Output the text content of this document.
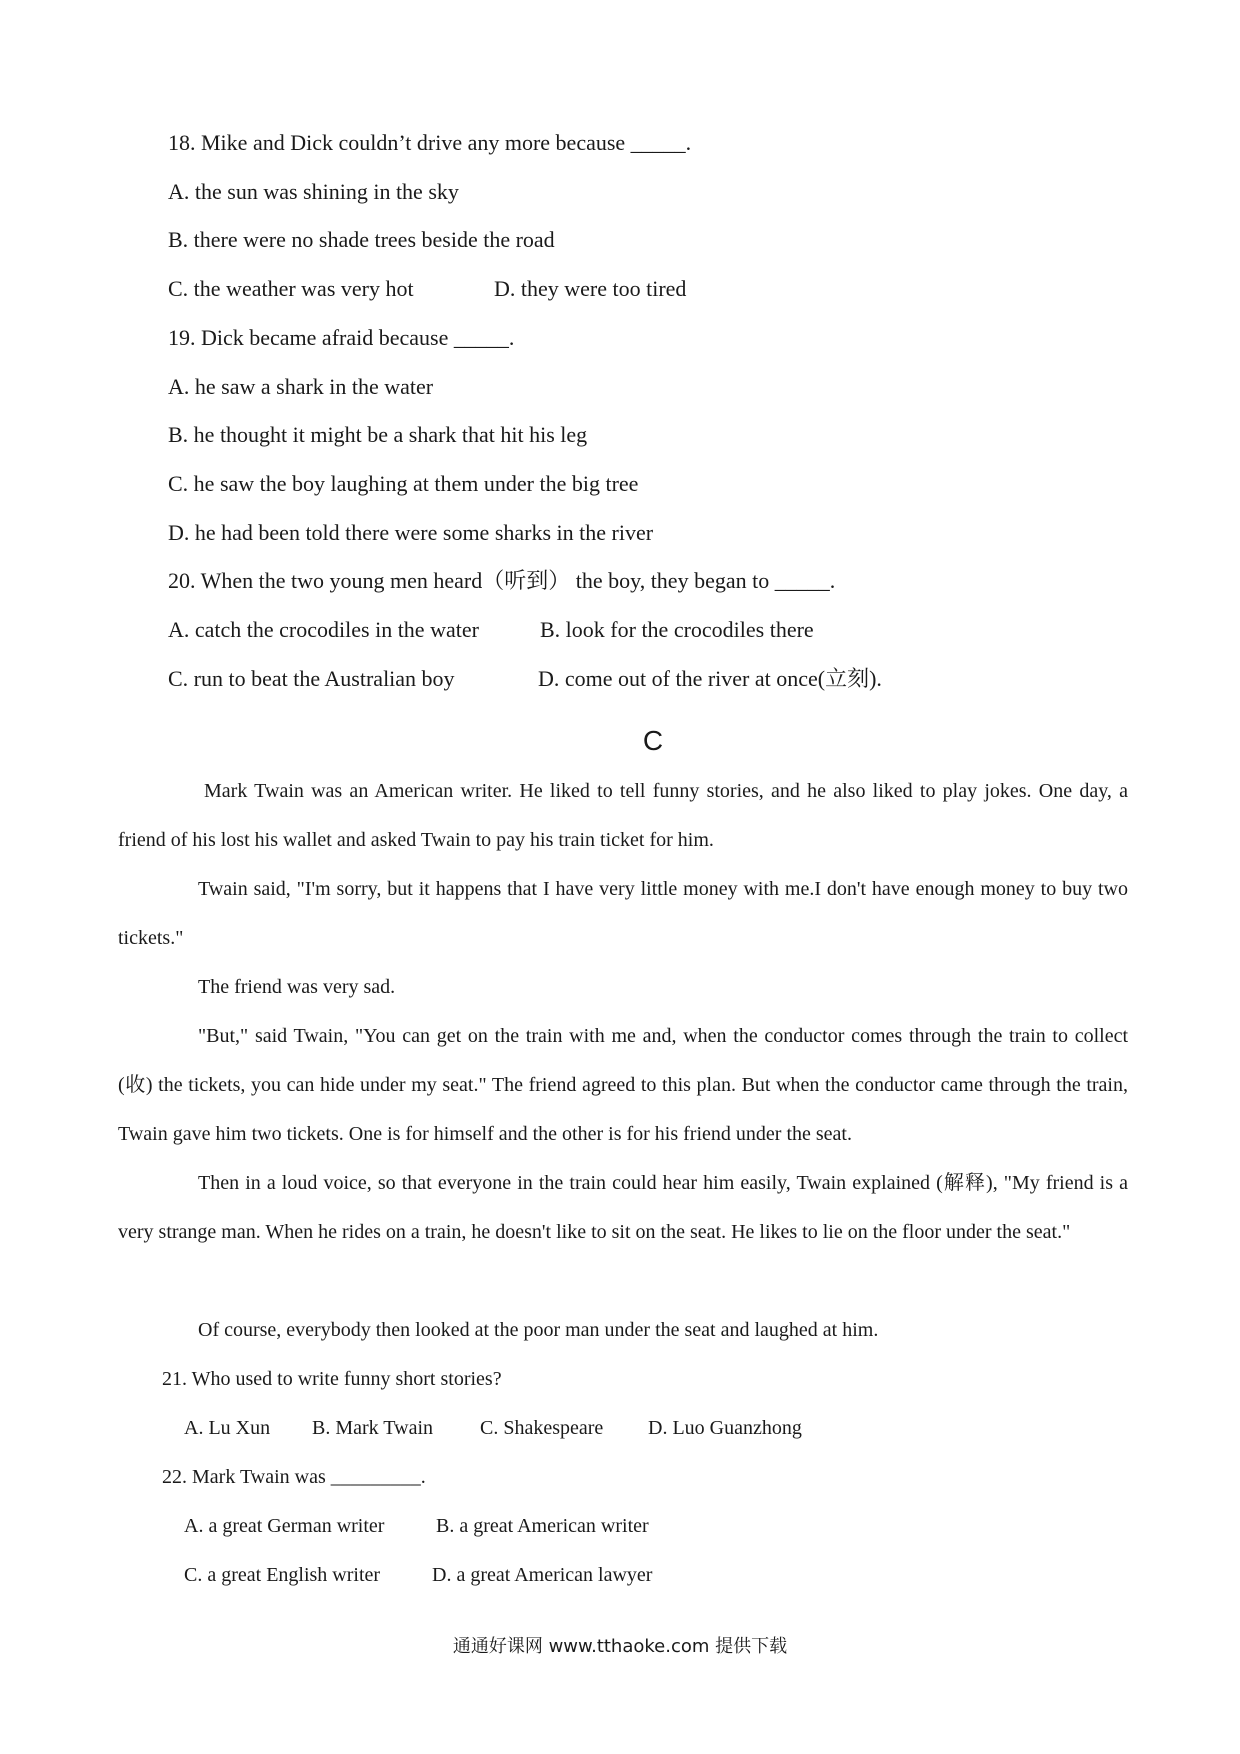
18. Mike and Dick couldn’t drive any more because _____.
A. the sun was shining in the sky
B. there were no shade trees beside the road
C. the weather was very hot	D. they were too tired
19. Dick became afraid because _____.
A. he saw a shark in the water
B. he thought it might be a shark that hit his leg
C. he saw the boy laughing at them under the big tree
D. he had been told there were some sharks in the river
20. When the two young men heard（听到） the boy, they began to _____.
A. catch the crocodiles in the water	B. look for the crocodiles there
C. run to beat the Australian boy	D. come out of the river at once(立刻).
C
Mark Twain was an American writer. He liked to tell funny stories, and he also liked to play jokes. One day, a friend of his lost his wallet and asked Twain to pay his train ticket for him.
Twain said, "I'm sorry, but it happens that I have very little money with me.I don't have enough money to buy two tickets."
The friend was very sad.
"But," said Twain, "You can get on the train with me and, when the conductor comes through the train to collect (收) the tickets, you can hide under my seat." The friend agreed to this plan. But when the conductor came through the train, Twain gave him two tickets. One is for himself and the other is for his friend under the seat.
Then in a loud voice, so that everyone in the train could hear him easily, Twain explained (解释), "My friend is a very strange man. When he rides on a train, he doesn't like to sit on the seat. He likes to lie on the floor under the seat."
Of course, everybody then looked at the poor man under the seat and laughed at him.
21. Who used to write funny short stories?
A. Lu Xun B. Mark Twain C. Shakespeare D. Luo Guanzhong
22. Mark Twain was _________.
A. a great German writer	B. a great American writer
C. a great English writer	D. a great American lawyer
通通好课网 www.tthaoke.com 提供下载
